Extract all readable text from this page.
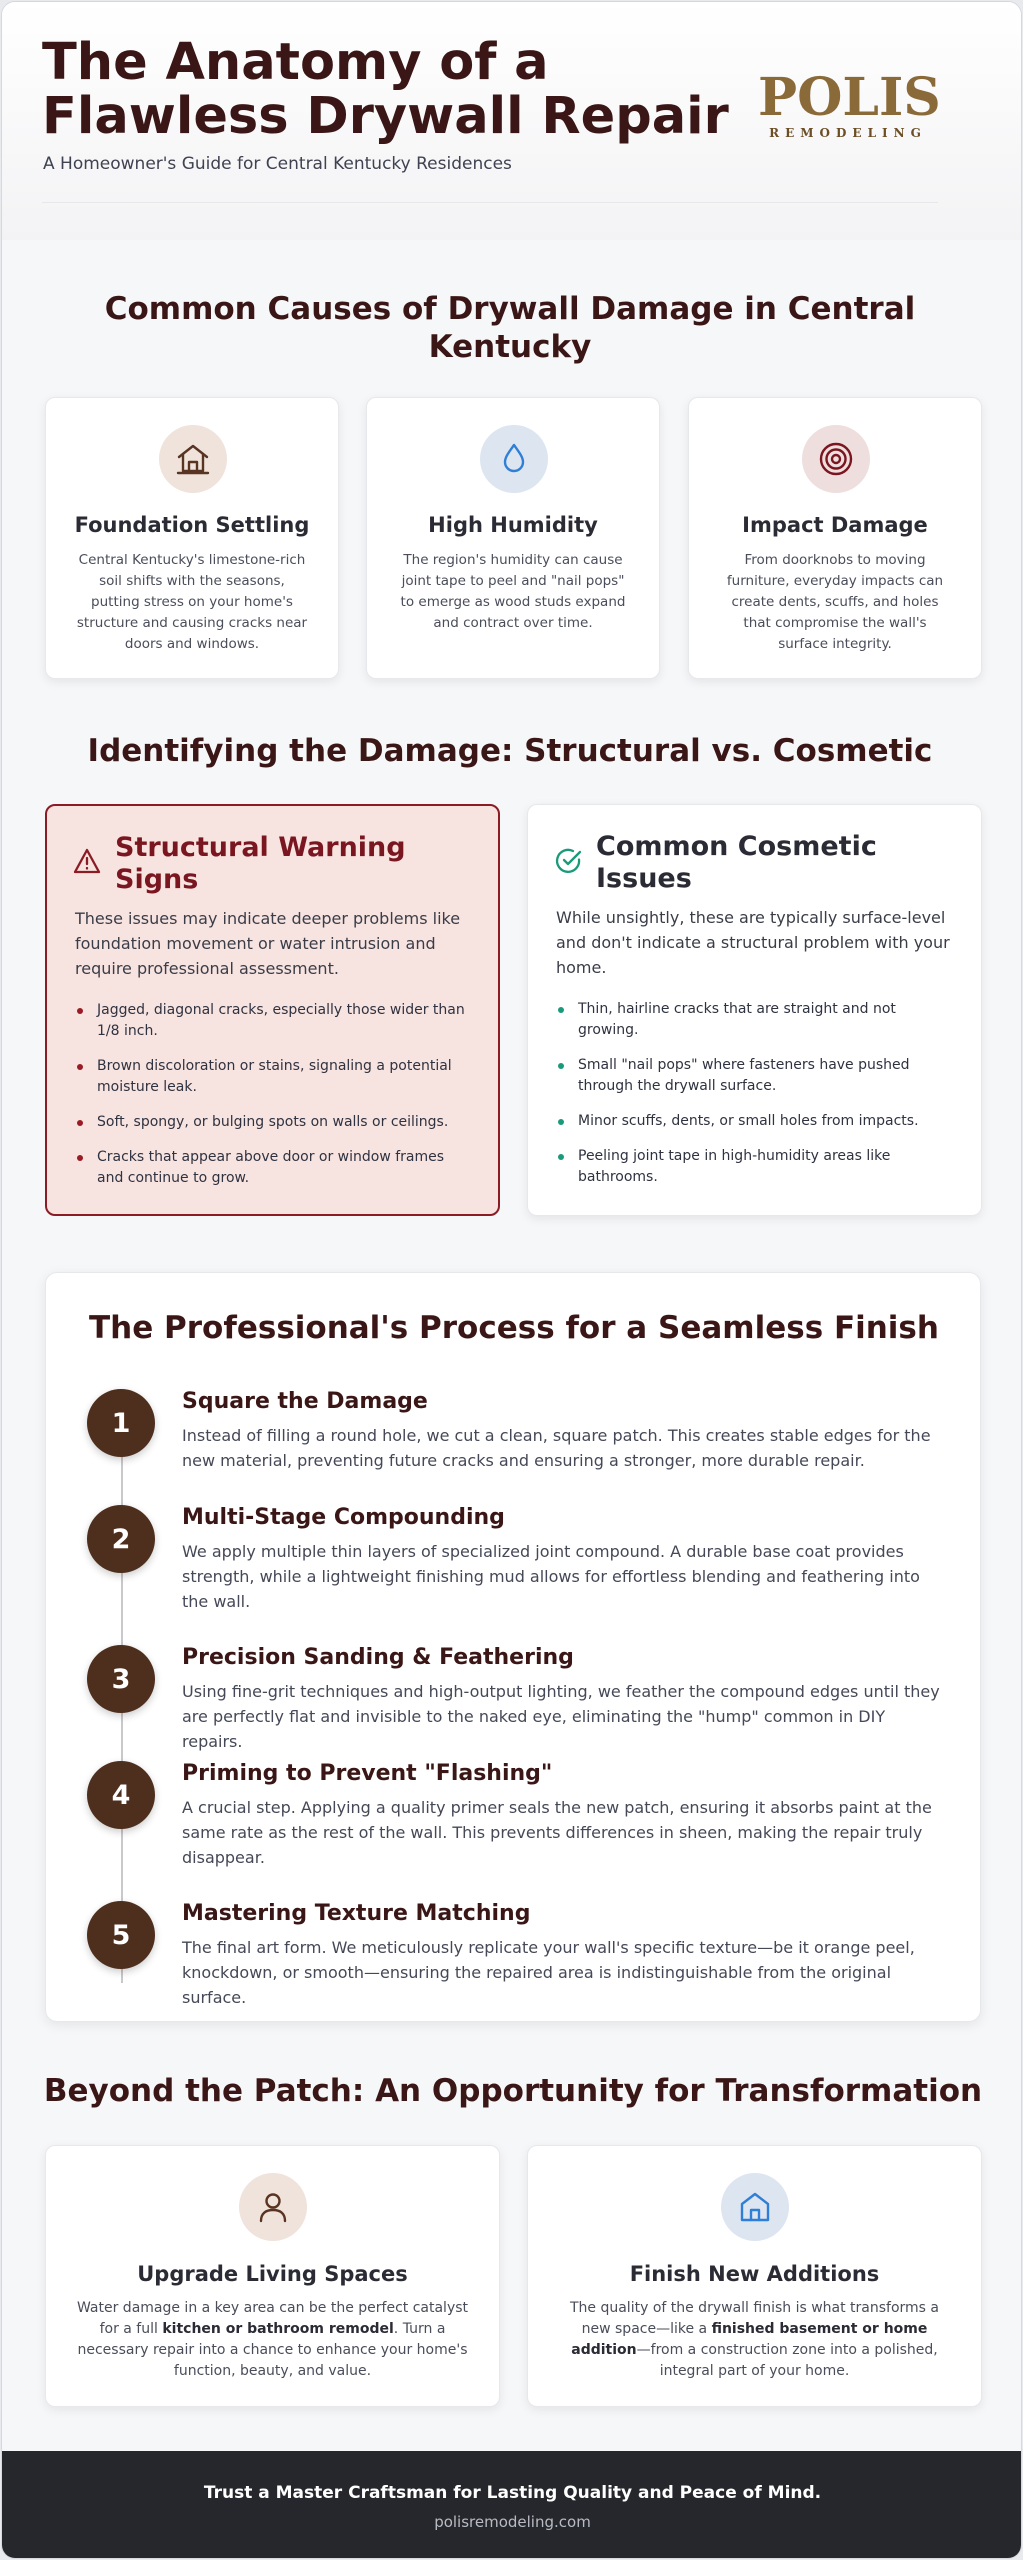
The Anatomy of a Flawless Drywall Repair
A Homeowner's Guide for Central Kentucky Residences
POLIS
REMODELING
Common Causes of Drywall Damage in Central Kentucky
Foundation Settling
Central Kentucky's limestone-rich soil shifts with the seasons, putting stress on your home's structure and causing cracks near doors and windows.
High Humidity
The region's humidity can cause joint tape to peel and "nail pops" to emerge as wood studs expand and contract over time.
Impact Damage
From doorknobs to moving furniture, everyday impacts can create dents, scuffs, and holes that compromise the wall's surface integrity.
Identifying the Damage: Structural vs. Cosmetic
Structural Warning Signs
These issues may indicate deeper problems like foundation movement or water intrusion and require professional assessment.
Jagged, diagonal cracks, especially those wider than 1/8 inch.
Brown discoloration or stains, signaling a potential moisture leak.
Soft, spongy, or bulging spots on walls or ceilings.
Cracks that appear above door or window frames and continue to grow.
Common Cosmetic Issues
While unsightly, these are typically surface-level and don't indicate a structural problem with your home.
Thin, hairline cracks that are straight and not growing.
Small "nail pops" where fasteners have pushed through the drywall surface.
Minor scuffs, dents, or small holes from impacts.
Peeling joint tape in high-humidity areas like bathrooms.
The Professional's Process for a Seamless Finish
1
Square the Damage
Instead of filling a round hole, we cut a clean, square patch. This creates stable edges for the new material, preventing future cracks and ensuring a stronger, more durable repair.
2
Multi-Stage Compounding
We apply multiple thin layers of specialized joint compound. A durable base coat provides strength, while a lightweight finishing mud allows for effortless blending and feathering into the wall.
3
Precision Sanding & Feathering
Using fine-grit techniques and high-output lighting, we feather the compound edges until they are perfectly flat and invisible to the naked eye, eliminating the "hump" common in DIY repairs.
4
Priming to Prevent "Flashing"
A crucial step. Applying a quality primer seals the new patch, ensuring it absorbs paint at the same rate as the rest of the wall. This prevents differences in sheen, making the repair truly disappear.
5
Mastering Texture Matching
The final art form. We meticulously replicate your wall's specific texture—be it orange peel, knockdown, or smooth—ensuring the repaired area is indistinguishable from the original surface.
Beyond the Patch: An Opportunity for Transformation
Upgrade Living Spaces
Water damage in a key area can be the perfect catalyst for a full kitchen or bathroom remodel. Turn a necessary repair into a chance to enhance your home's function, beauty, and value.
Finish New Additions
The quality of the drywall finish is what transforms a new space—like a finished basement or home addition—from a construction zone into a polished, integral part of your home.
Trust a Master Craftsman for Lasting Quality and Peace of Mind.
polisremodeling.com
